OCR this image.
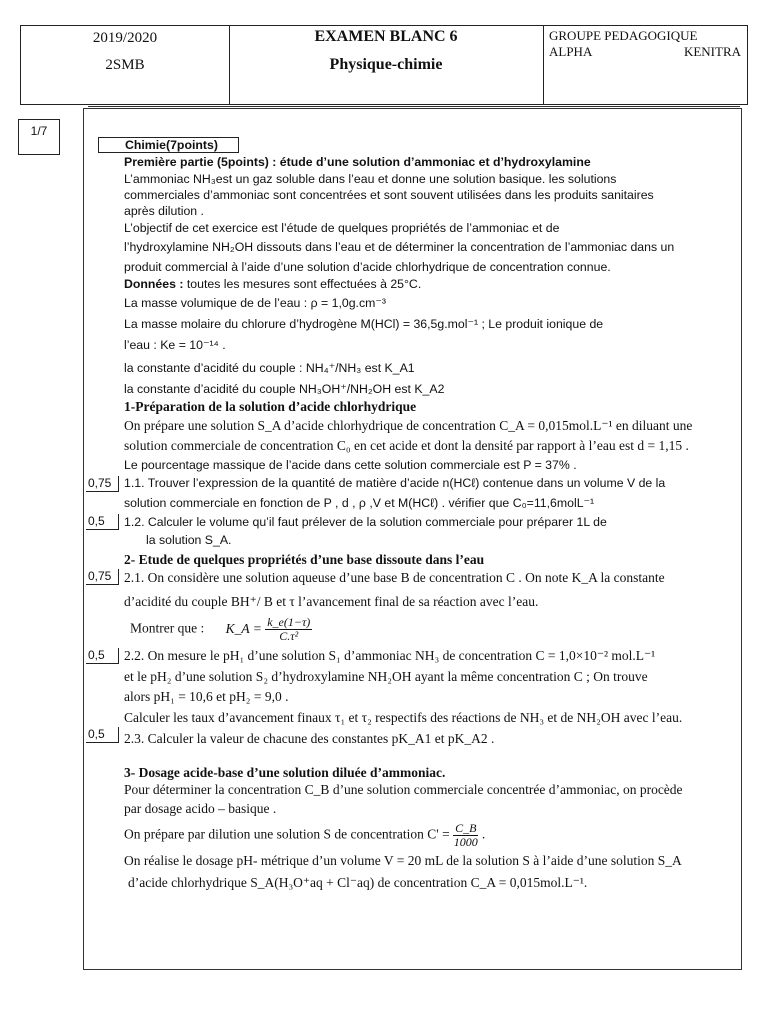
2019/2020
2SMB
EXAMEN BLANC 6
Physique-chimie
GROUPE PEDAGOGIQUE
ALPHA	KENITRA
1/7
Chimie(7points)
Première partie (5points) : étude d’une solution d’ammoniac et d’hydroxylamine
L’ammoniac NH₃est un gaz soluble dans l’eau et donne une solution basique. les solutions
commerciales d’ammoniac sont concentrées et sont souvent utilisées dans les produits sanitaires
après dilution .
L’objectif de cet exercice est l’étude de quelques propriétés de l’ammoniac et de
l’hydroxylamine NH₂OH dissouts dans l’eau et de déterminer la concentration de l’ammoniac dans un
produit commercial à l’aide d’une solution d’acide chlorhydrique de concentration connue.
Données : toutes les mesures sont effectuées à 25°C.
La masse volumique de de l’eau : ρ = 1,0g.cm⁻³
La masse molaire du chlorure d’hydrogène M(HCl) = 36,5g.mol⁻¹ ; Le produit ionique de
l’eau : Ke = 10⁻¹⁴ .
la constante d’acidité du couple : NH₄⁺/NH₃ est K_A1
la constante d’acidité du couple NH₃OH⁺/NH₂OH est K_A2
1-Préparation de la solution d’acide chlorhydrique
On prépare une solution S_A d’acide chlorhydrique de concentration C_A = 0,015mol.L⁻¹ en diluant une
solution commerciale de concentration C₀ en cet acide et dont la densité par rapport à l’eau est d = 1,15 .
Le pourcentage massique de l’acide dans cette solution commerciale est P = 37% .
0,75	1.1. Trouver l’expression de la quantité de matière d’acide n(HCℓ) contenue dans un volume V de la
solution commerciale en fonction de P , d , ρ ,V et M(HCℓ) . vérifier que C₀=11,6molL⁻¹
0,5	1.2. Calculer le volume qu’il faut prélever de la solution commerciale pour préparer 1L de
la solution S_A.
2- Etude de quelques propriétés d’une base dissoute dans l’eau
0,75 2.1. On considère une solution aqueuse d’une base B de concentration C . On note K_A la constante
d’acidité du couple BH⁺/ B et τ l’avancement final de sa réaction avec l’eau.
Montrer que : K_A = $\frac{k\_e(1-\tau)}{\text{C.τ²}}$
0,5	2.2. On mesure le pH₁ d’une solution S₁ d’ammoniac NH₃ de concentration C = 1,0×10⁻² mol.L⁻¹
et le pH₂ d’une solution S₂ d’hydroxylamine NH₂OH ayant la même concentration C ; On trouve
alors pH₁ = 10,6 et pH₂ = 9,0 .
Calculer les taux d’avancement finaux τ₁ et τ₂ respectifs des réactions de NH₃ et de NH₂OH avec l’eau.
0,5	2.3. Calculer la valeur de chacune des constantes pK_A1 et pK_A2 .
3- Dosage acide-base d’une solution diluée d’ammoniac.
Pour déterminer la concentration C_B d’une solution commerciale concentrée d’ammoniac, on procède
par dosage acido – basique .
On prépare par dilution une solution S de concentration $C' = \frac{C\_B}{1000}$ .
On réalise le dosage pH- métrique d’un volume V = 20 mL de la solution S à l’aide d’une solution S_A
d’acide chlorhydrique S_A(H₃O⁺aq + Cl⁻aq) de concentration C_A = 0,015mol.L⁻¹.
